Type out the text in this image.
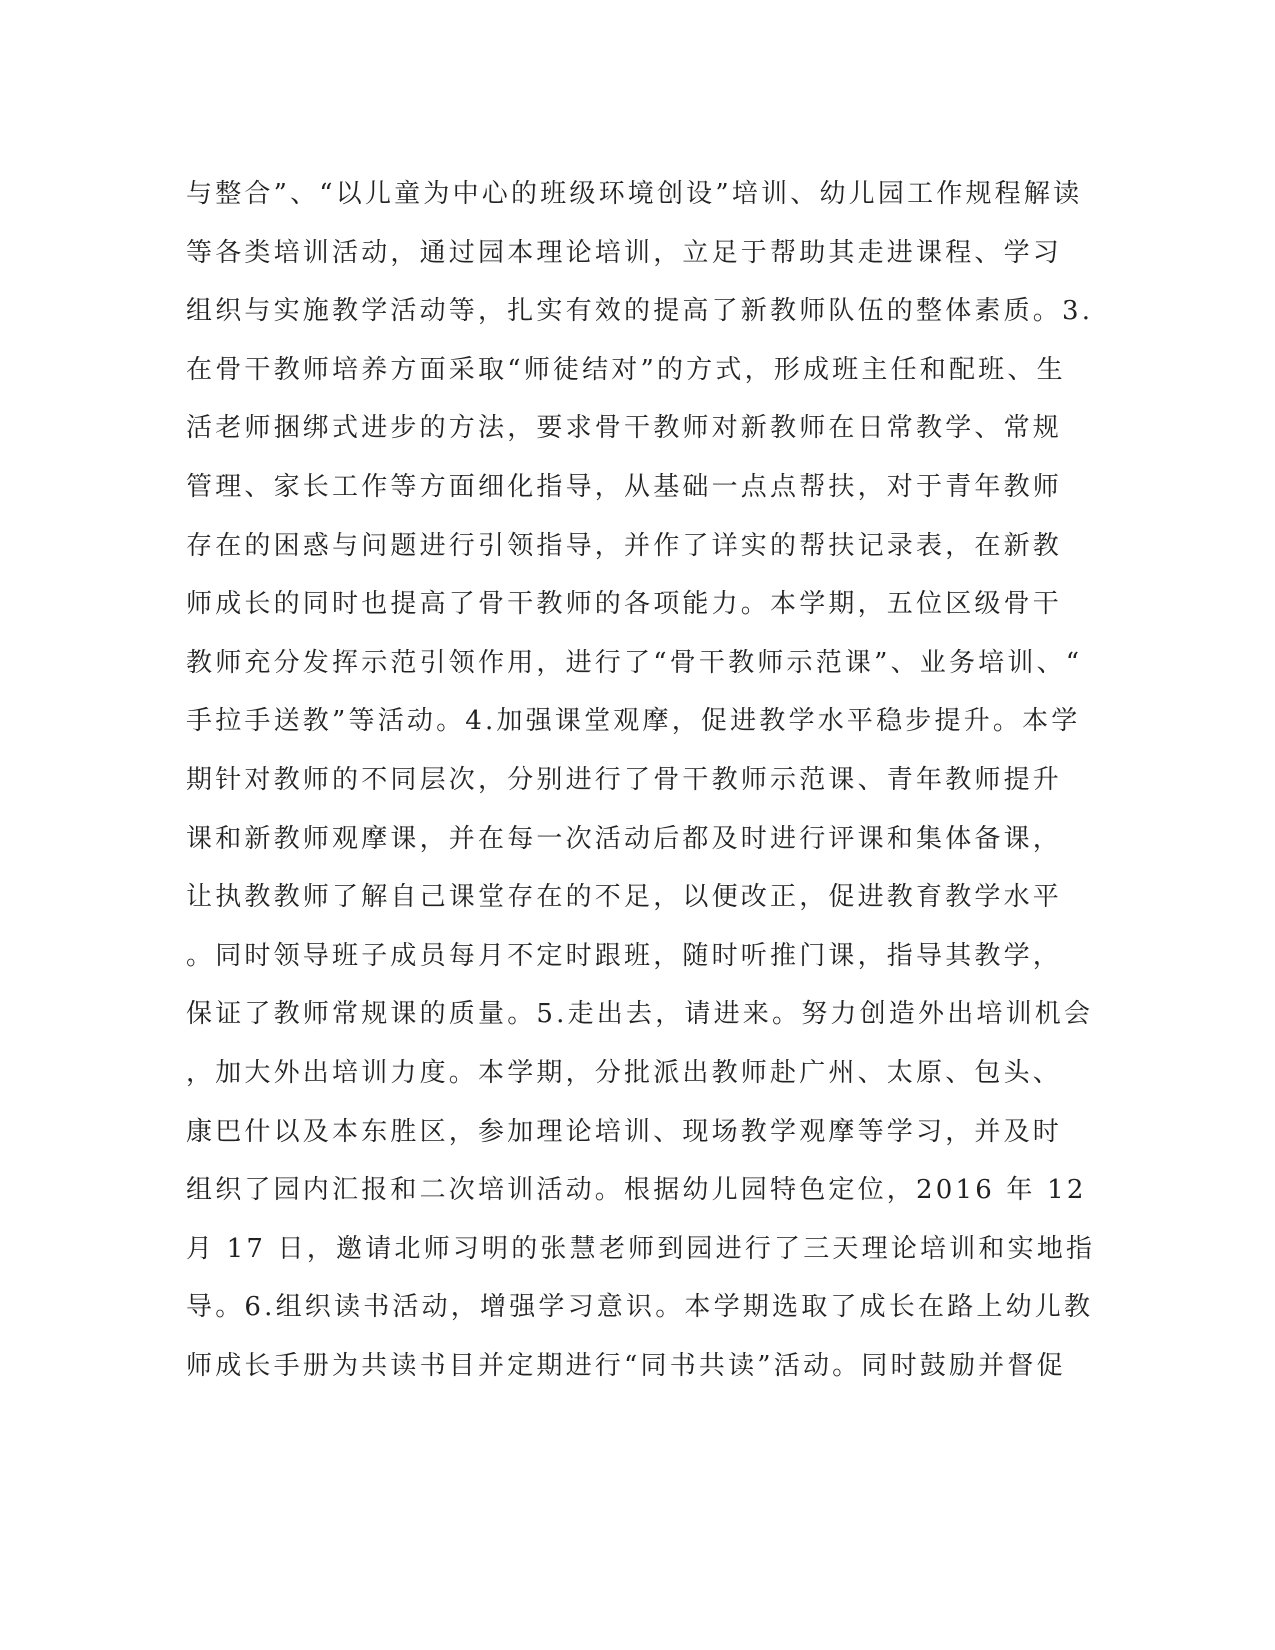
与整合”、“以儿童为中心的班级环境创设”培训、幼儿园工作规程解读
等各类培训活动，通过园本理论培训，立足于帮助其走进课程、学习
组织与实施教学活动等，扎实有效的提高了新教师队伍的整体素质。3.
在骨干教师培养方面采取“师徒结对”的方式，形成班主任和配班、生
活老师捆绑式进步的方法，要求骨干教师对新教师在日常教学、常规
管理、家长工作等方面细化指导，从基础一点点帮扶，对于青年教师
存在的困惑与问题进行引领指导，并作了详实的帮扶记录表，在新教
师成长的同时也提高了骨干教师的各项能力。本学期，五位区级骨干
教师充分发挥示范引领作用，进行了“骨干教师示范课”、业务培训、“
手拉手送教”等活动。4.加强课堂观摩，促进教学水平稳步提升。本学
期针对教师的不同层次，分别进行了骨干教师示范课、青年教师提升
课和新教师观摩课，并在每一次活动后都及时进行评课和集体备课，
让执教教师了解自己课堂存在的不足，以便改正，促进教育教学水平
。同时领导班子成员每月不定时跟班，随时听推门课，指导其教学，
保证了教师常规课的质量。5.走出去，请进来。努力创造外出培训机会
，加大外出培训力度。本学期，分批派出教师赴广州、太原、包头、
康巴什以及本东胜区，参加理论培训、现场教学观摩等学习，并及时
组织了园内汇报和二次培训活动。根据幼儿园特色定位，2016 年 12
月 17 日，邀请北师习明的张慧老师到园进行了三天理论培训和实地指
导。6.组织读书活动，增强学习意识。本学期选取了成长在路上幼儿教
师成长手册为共读书目并定期进行“同书共读”活动。同时鼓励并督促
